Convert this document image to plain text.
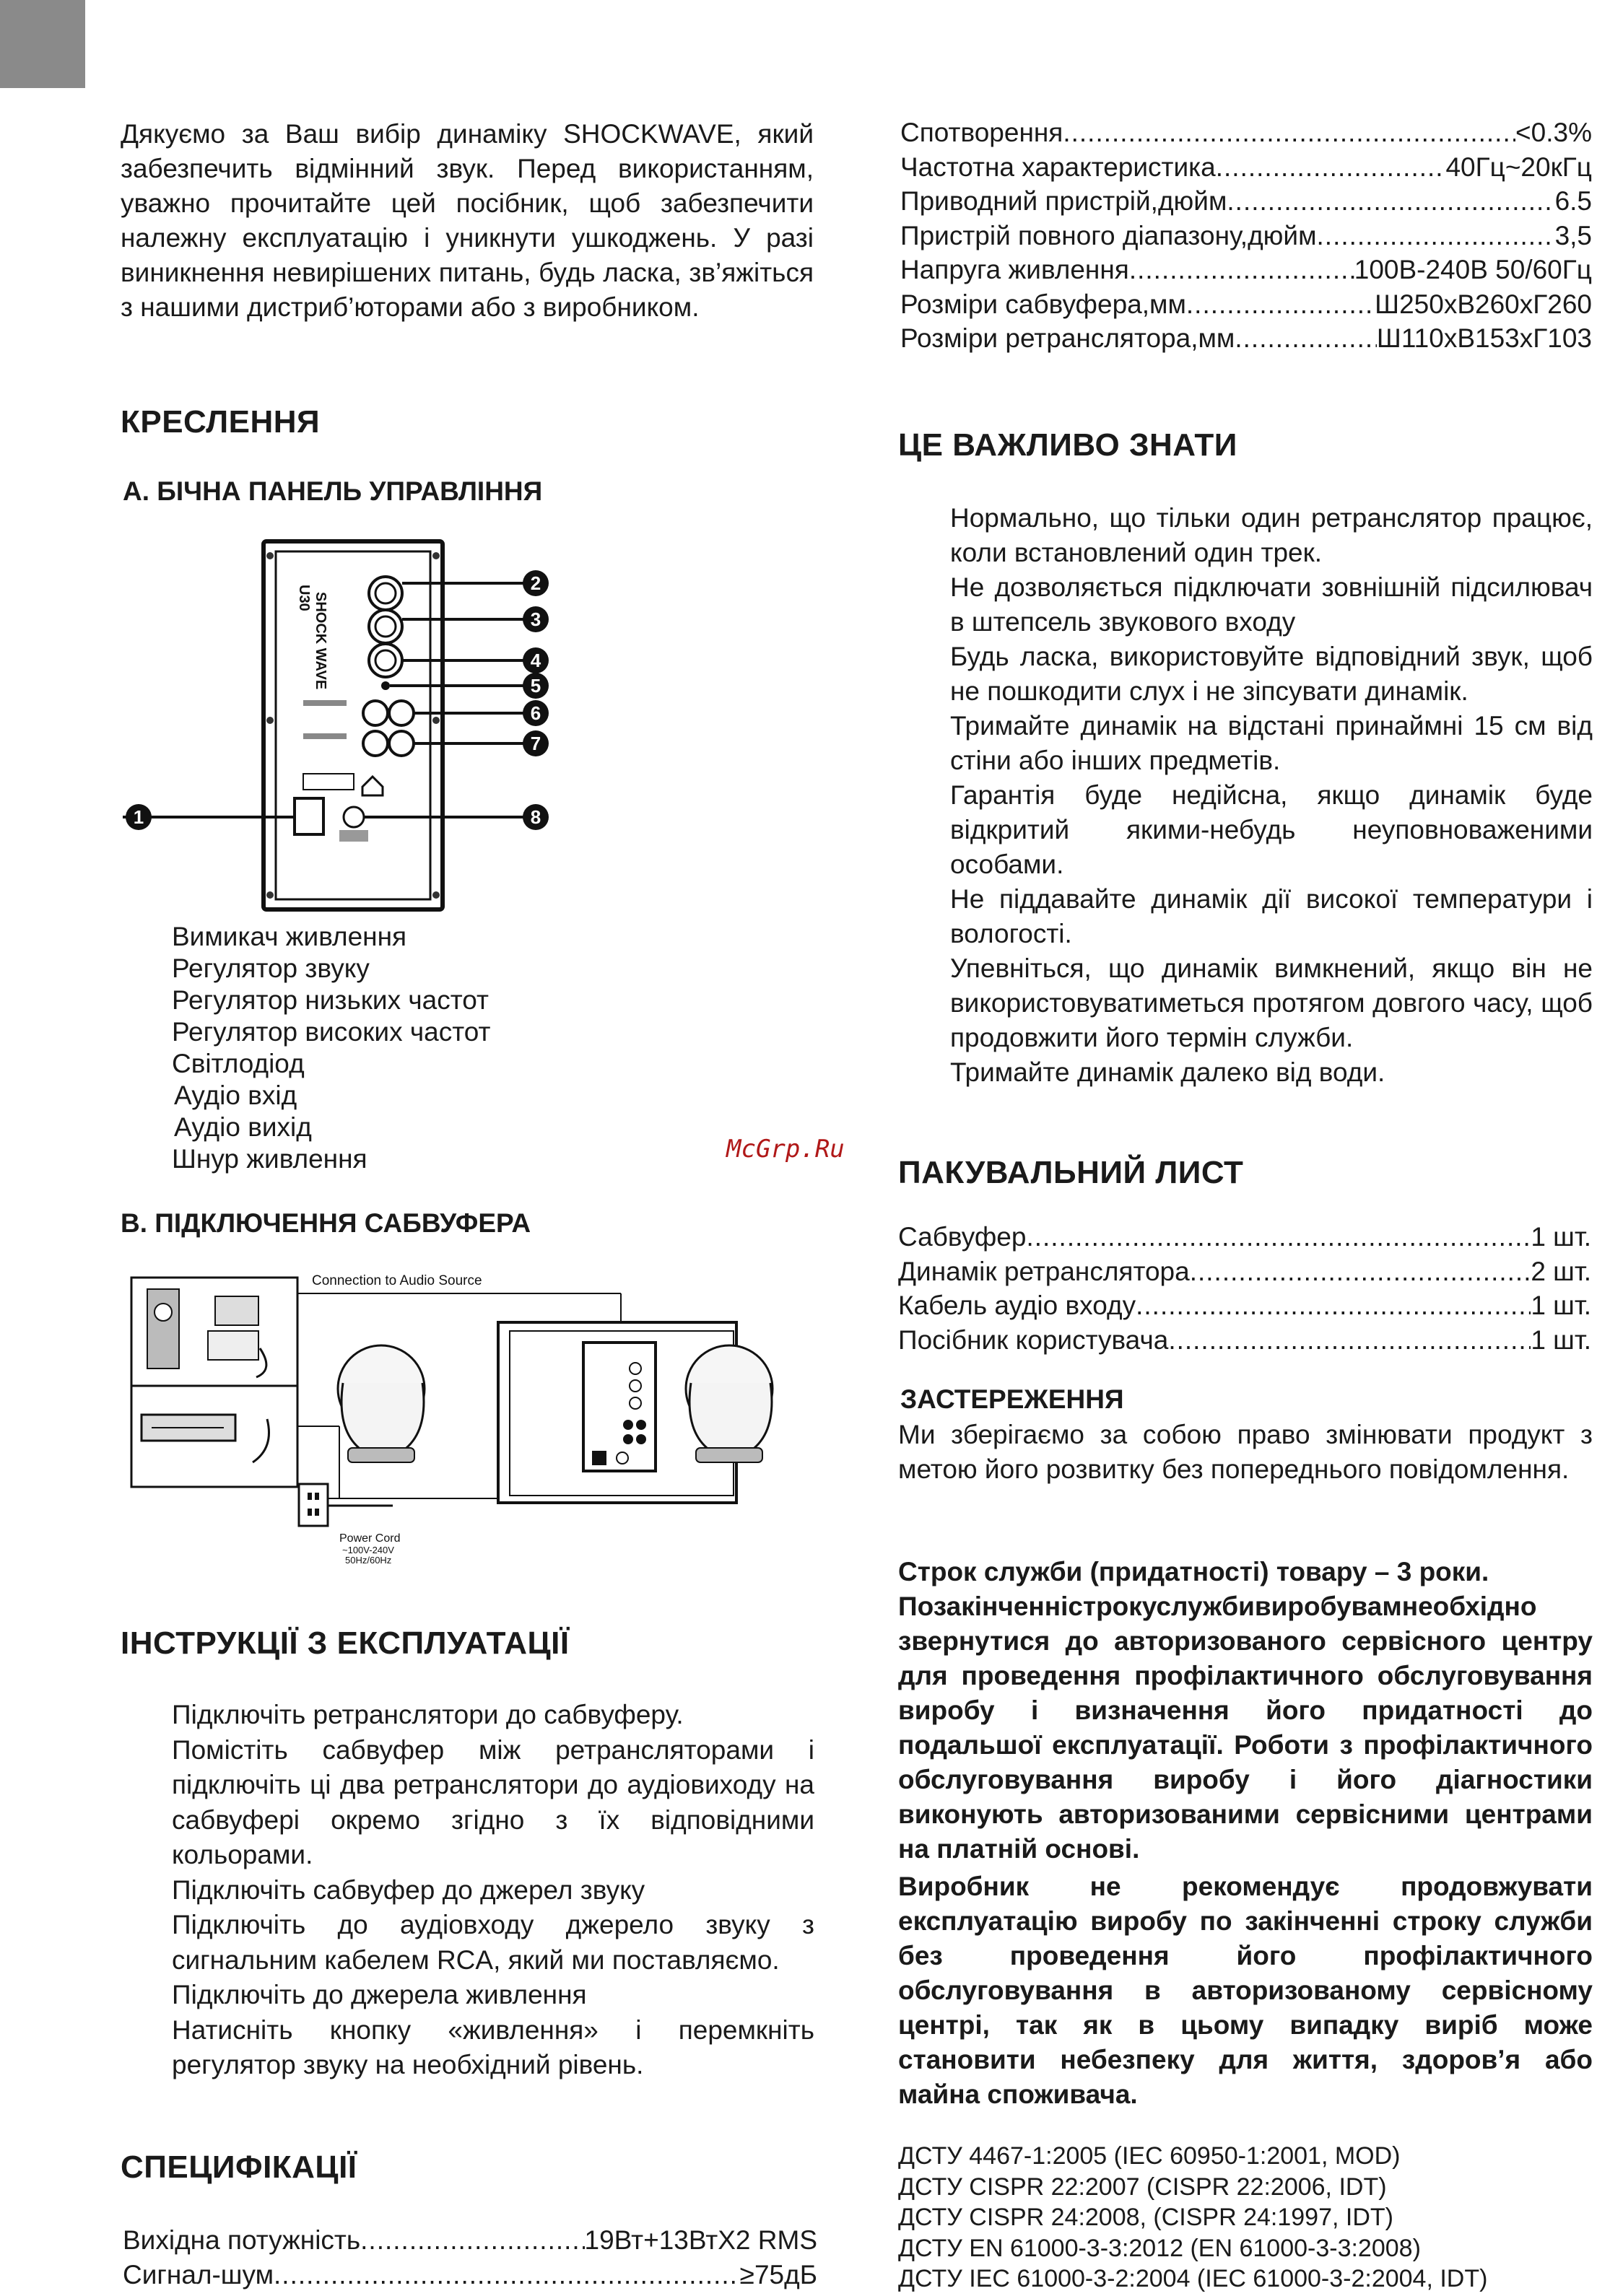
Дякуємо за Ваш вибір динаміку SHOCKWAVE, який забезпечить відмінний звук. Перед використанням, уважно прочитайте цей посібник, щоб забезпечити належну експлуатацію і уникнути ушкоджень. У разі виникнення невирішених питань, будь ласка, зв’яжіться з нашими дистриб’юторами або з виробником.
КРЕСЛЕННЯ
А. БІЧНА ПАНЕЛЬ УПРАВЛІННЯ
SHOCK WAVE
U30
1
2
3
4
5
6
7
8
Вимикач живлення
Регулятор звуку
Регулятор низьких частот
Регулятор високих частот
Світлодіод
Аудіо вхід
Аудіо вихід
Шнур живлення
В. ПІДКЛЮЧЕННЯ САБВУФЕРА
Connection to Audio Source
Power Cord
~100V-240V
50Hz/60Hz
ІНСТРУКЦІЇ З ЕКСПЛУАТАЦІЇ
Підключіть ретранслятори до сабвуферу.
Помістіть сабвуфер між ретрансляторами і підключіть ці два ретранслятори до аудіовиходу на сабвуфері окремо згідно з їх відповідними кольорами.
Підключіть сабвуфер до джерел звуку
Підключіть до аудіовходу джерело звуку з сигнальним кабелем RCA, який ми поставляємо.
Підключіть до джерела живлення
Натисніть кнопку «живлення» і перемкніть регулятор звуку на необхідний рівень.
СПЕЦИФІКАЦІЇ
Вихідна потужність .....	19Вт+13ВтX2 RMS
Сигнал-шум .....	≥75дБ
Спотворення .....	<0.3%
Частотна характеристика .....	40Гц~20кГц
Приводний пристрій,дюйм .....	6.5
Пристрій повного діапазону,дюйм .....	3,5
Напруга живлення .....	100В-240В 50/60Гц
Розміри сабвуфера,мм .....	Ш250хВ260хГ260
Розміри ретранслятора,мм .....	Ш110хВ153хГ103
ЦЕ ВАЖЛИВО ЗНАТИ
Нормально, що тільки один ретранслятор працює, коли встановлений один трек.
Не дозволяється підключати зовнішній підсилювач в штепсель звукового входу
Будь ласка, використовуйте відповідний звук, щоб не пошкодити слух і не зіпсувати динамік.
Тримайте динамік на відстані принаймні 15 см від стіни або інших предметів.
Гарантія буде недійсна, якщо динамік буде відкритий якими-небудь неуповноваженими особами.
Не піддавайте динамік дії високої температури і вологості.
Упевніться, що динамік вимкнений, якщо він не використовуватиметься протягом довгого часу, щоб продовжити його термін служби.
Тримайте динамік далеко від води.
McGrp.Ru
ПАКУВАЛЬНИЙ ЛИСТ
Сабвуфер .....	1 шт.
Динамік ретранслятора .....	2 шт.
Кабель аудіо входу .....	1 шт.
Посібник користувача .....	1 шт.
ЗАСТЕРЕЖЕННЯ
Ми зберігаємо за собою право змінювати продукт з метою його розвитку без попереднього повідомлення.
Строк служби (придатності) товару – 3 роки.
Позакінченністрокуслужбивиробувамнеобхідно звернутися до авторизованого сервісного центру для проведення профілактичного обслуговування виробу і визначення його придатності до подальшої експлуатації. Роботи з профілактичного обслуговування виробу і його діагностики виконують авторизованими сервісними центрами на платній основі.
Виробник не рекомендує продовжувати експлуатацію виробу по закінченні строку служби без проведення його профілактичного обслуговування в авторизованому сервісному центрі, так як в цьому випадку виріб може становити небезпеку для життя, здоров’я або майна споживача.
ДСТУ 4467-1:2005 (IEC 60950-1:2001, MOD)
ДСТУ CISPR 22:2007 (CISPR 22:2006, IDT)
ДСТУ CISPR 24:2008, (CISPR 24:1997, IDT)
ДСТУ EN 61000-3-3:2012 (EN 61000-3-3:2008)
ДСТУ IEC 61000-3-2:2004 (IEC 61000-3-2:2004, IDT)
